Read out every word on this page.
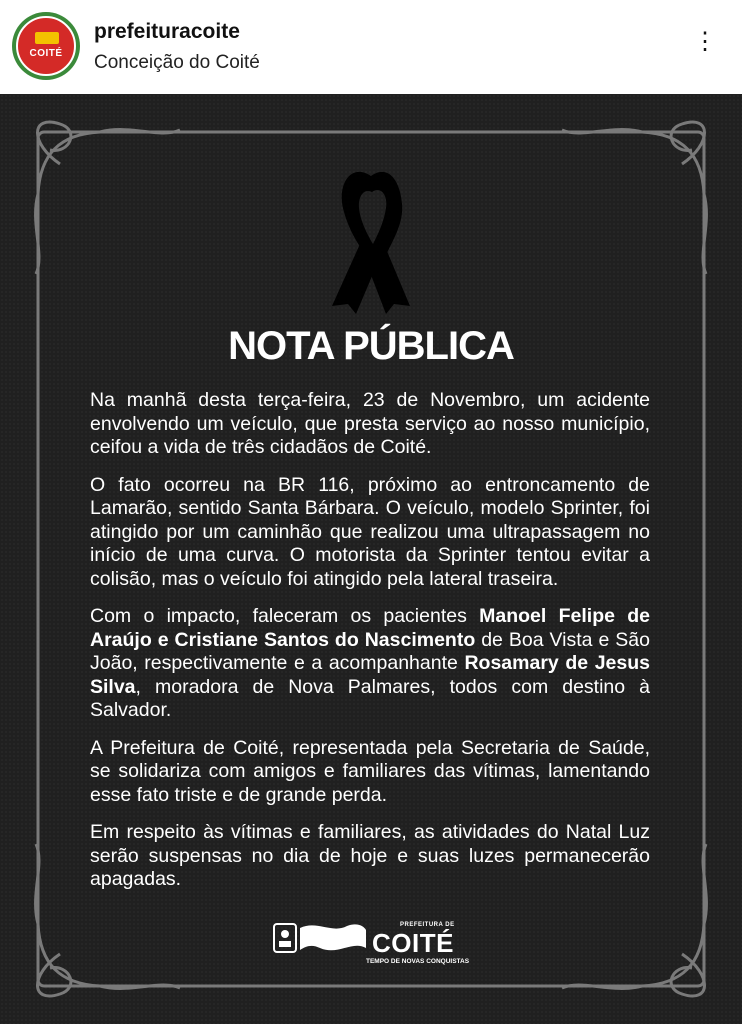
COITÉ
prefeituracoite
Conceição do Coité
⋮
NOTA PÚBLICA

Na manhã desta terça-feira, 23 de Novembro, um acidente envolvendo um veículo, que presta serviço ao nosso município, ceifou a vida de três cidadãos de Coité.

O fato ocorreu na BR 116, próximo ao entroncamento de Lamarão, sentido Santa Bárbara. O veículo, modelo Sprinter, foi atingido por um caminhão que realizou uma ultrapassagem no início de uma curva. O motorista da Sprinter tentou evitar a colisão, mas o veículo foi atingido pela lateral traseira.

Com o impacto, faleceram os pacientes Manoel Felipe de Araújo e Cristiane Santos do Nascimento de Boa Vista e São João, respectivamente e a acompanhante Rosamary de Jesus Silva, moradora de Nova Palmares, todos com destino à Salvador.

A Prefeitura de Coité, representada pela Secretaria de Saúde, se solidariza com amigos e familiares das vítimas, lamentando esse fato triste e de grande perda.

Em respeito às vítimas e familiares, as atividades do Natal Luz serão suspensas no dia de hoje e suas luzes permanecerão apagadas.

PREFEITURA DE
COITÉ
TEMPO DE NOVAS CONQUISTAS
